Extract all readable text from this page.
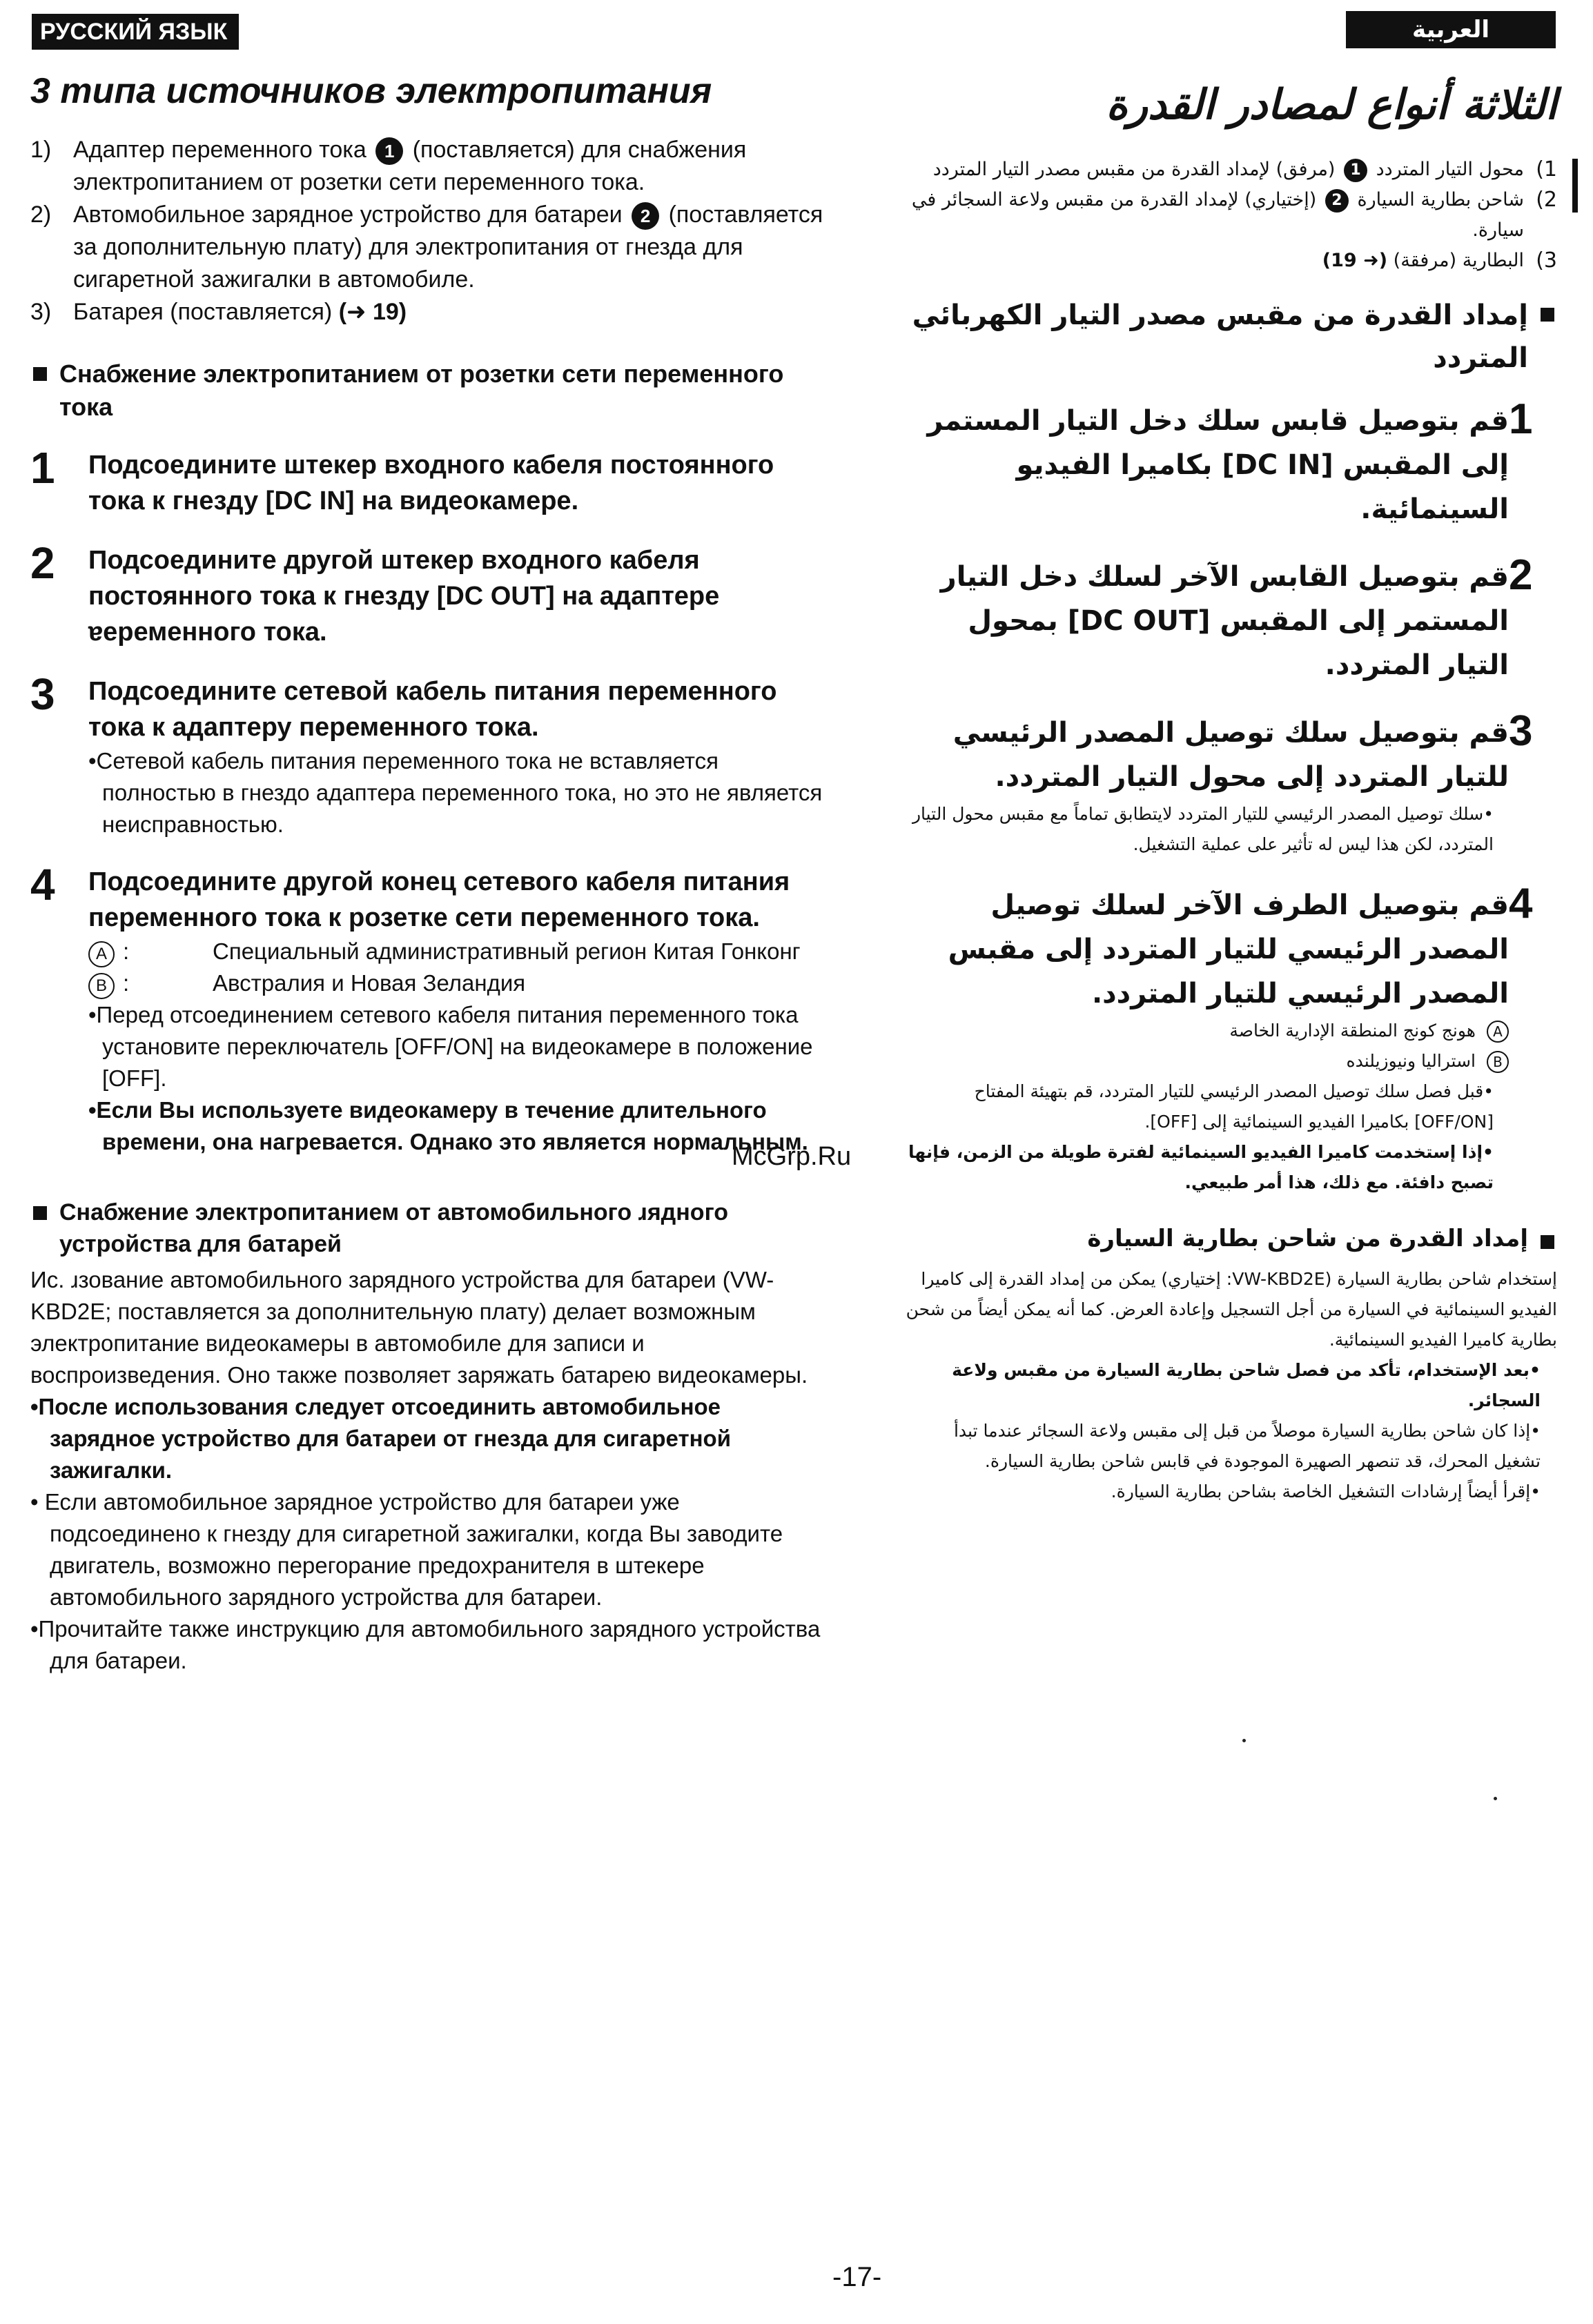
РУССКИЙ ЯЗЫК	العربية
3 типа источников электропитания
1) Адаптер переменного тока 1 (поставляется) для снабжения электропитанием от розетки сети переменного тока.
2) Автомобильное зарядное устройство для батареи 2 (поставляется за дополнительную плату) для электропитания от гнезда для сигаретной зажигалки в автомобиле.
3) Батарея (поставляется) (➜ 19)
Снабжение электропитанием от розетки сети переменного тока
1	Подсоедините штекер входного кабеля постоянного тока к гнезду [DC IN] на видеокамере.
2	Подсоедините другой штекер входного кабеля постоянного тока к гнезду [DC OUT] на адаптере ɐеременного тока.
3	Подсоедините сетевой кабель питания переменного тока к адаптеру переменного тока.
•Сетевой кабель питания переменного тока не вставляется полностью в гнездо адаптера переменного тока, но это не является неисправностью.
4	Подсоедините другой конец сетевого кабеля питания переменного тока к розетке сети переменного тока.
A :	Специальный административный регион Китая Гонконг
B :	Австралия и Новая Зеландия
•Перед отсоединением сетевого кабеля питания переменного тока установите переключатель [OFF/ON] на видеокамере в положение [OFF].
•Если Вы используете видеокамеру в течение длительного времени, она нагревается. Однако это является нормальным.
Снабжение электропитанием от автомобильного ɹядного устройства для батарей

Ис. ɹзование автомобильного зарядного устройства для батареи (VW-KBD2E; поставляется за дополнительную плату) делает возможным электропитание видеокамеры в автомобиле для записи и воспроизведения. Оно также позволяет заряжать батарею видеокамеры.

•После использования следует отсоединить автомобильное зарядное устройство для батареи от гнезда для сигаретной зажигалки.
• Если автомобильное зарядное устройство для батареи уже подсоединено к гнезду для сигаретной зажигалки, когда Вы заводите двигатель, возможно перегорание предохранителя в штекере автомобильного зарядного устройства для батареи.
•Прочитайте также инструкцию для автомобильного зарядного устройства для батареи.
الثلاثة أنواع لمصادر القدرة
1)
محول التيار المتردد 1 (مرفق) لإمداد القدرة من مقبس مصدر التيار المتردد
2)
شاحن بطارية السيارة 2 (إختياري) لإمداد القدرة من مقبس ولاعة السجائر في سيارة.
3)
البطارية (مرفقة) (➜ 19)
إمداد القدرة من مقبس مصدر التيار الكهربائي المتردد
1
قم بتوصيل قابس سلك دخل التيار المستمر إلى المقبس [DC IN] بكاميرا الفيديو السينمائية.
2
قم بتوصيل القابس الآخر لسلك دخل التيار المستمر إلى المقبس [DC OUT] بمحول التيار المتردد.
3
قم بتوصيل سلك توصيل المصدر الرئيسي للتيار المتردد إلى محول التيار المتردد.
•سلك توصيل المصدر الرئيسي للتيار المتردد لايتطابق تماماً مع مقبس محول التيار المتردد، لكن هذا ليس له تأثير على عملية التشغيل.
4
قم بتوصيل الطرف الآخر لسلك توصيل المصدر الرئيسي للتيار المتردد إلى مقبس المصدر الرئيسي للتيار المتردد.
A
هونج كونج المنطقة الإدارية الخاصة
B
استراليا ونيوزيلنده
•قبل فصل سلك توصيل المصدر الرئيسي للتيار المتردد، قم بتهيئة المفتاح [OFF/ON] بكاميرا الفيديو السينمائية إلى [OFF].
•إذا إستخدمت كاميرا الفيديو السينمائية لفترة طويلة من الزمن، فإنها تصبح دافئة. مع ذلك، هذا أمر طبيعي.
إمداد القدرة من شاحن بطارية السيارة

إستخدام شاحن بطارية السيارة (VW-KBD2E: إختياري) يمكن من إمداد القدرة إلى كاميرا الفيديو السينمائية في السيارة من أجل التسجيل وإعادة العرض. كما أنه يمكن أيضاً من شحن بطارية كاميرا الفيديو السينمائية.

•بعد الإستخدام، تأكد من فصل شاحن بطارية السيارة من مقبس ولاعة السجائر.
•إذا كان شاحن بطارية السيارة موصلاً من قبل إلى مقبس ولاعة السجائر عندما تبدأ تشغيل المحرك، قد تنصهر الصهيرة الموجودة في قابس شاحن بطارية السيارة.
•إقرأ أيضاً إرشادات التشغيل الخاصة بشاحن بطارية السيارة.
McGrp.Ru
-17-
